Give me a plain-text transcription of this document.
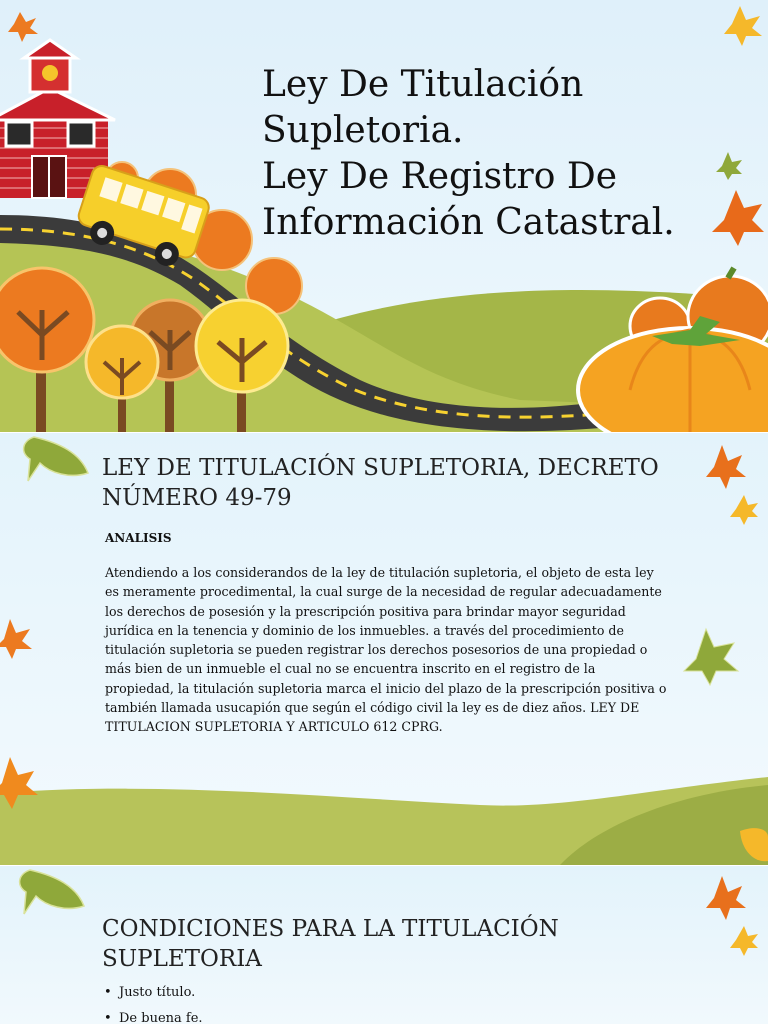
Ley De Titulación
Supletoria.
Ley De Registro De
Información Catastral.
LEY DE TITULACIÓN SUPLETORIA, DECRETO NÚMERO 49-79
ANALISIS

Atendiendo a los considerandos de la ley de titulación supletoria, el objeto de esta ley es meramente procedimental, la cual surge de la necesidad de regular adecuadamente los derechos de posesión y la prescripción positiva para brindar mayor seguridad jurídica en la tenencia y dominio de los inmuebles. a través del procedimiento de titulación supletoria se pueden registrar los derechos posesorios de una propiedad o más bien de un inmueble el cual no se encuentra inscrito en el registro de la propiedad, la titulación supletoria marca el inicio del plazo de la prescripción positiva o también llamada usucapión que según el código civil la ley es de diez años. LEY DE TITULACION SUPLETORIA Y ARTICULO 612 CPRG.

CONDICIONES PARA LA TITULACIÓN SUPLETORIA
• Justo título.
• De buena fe.
